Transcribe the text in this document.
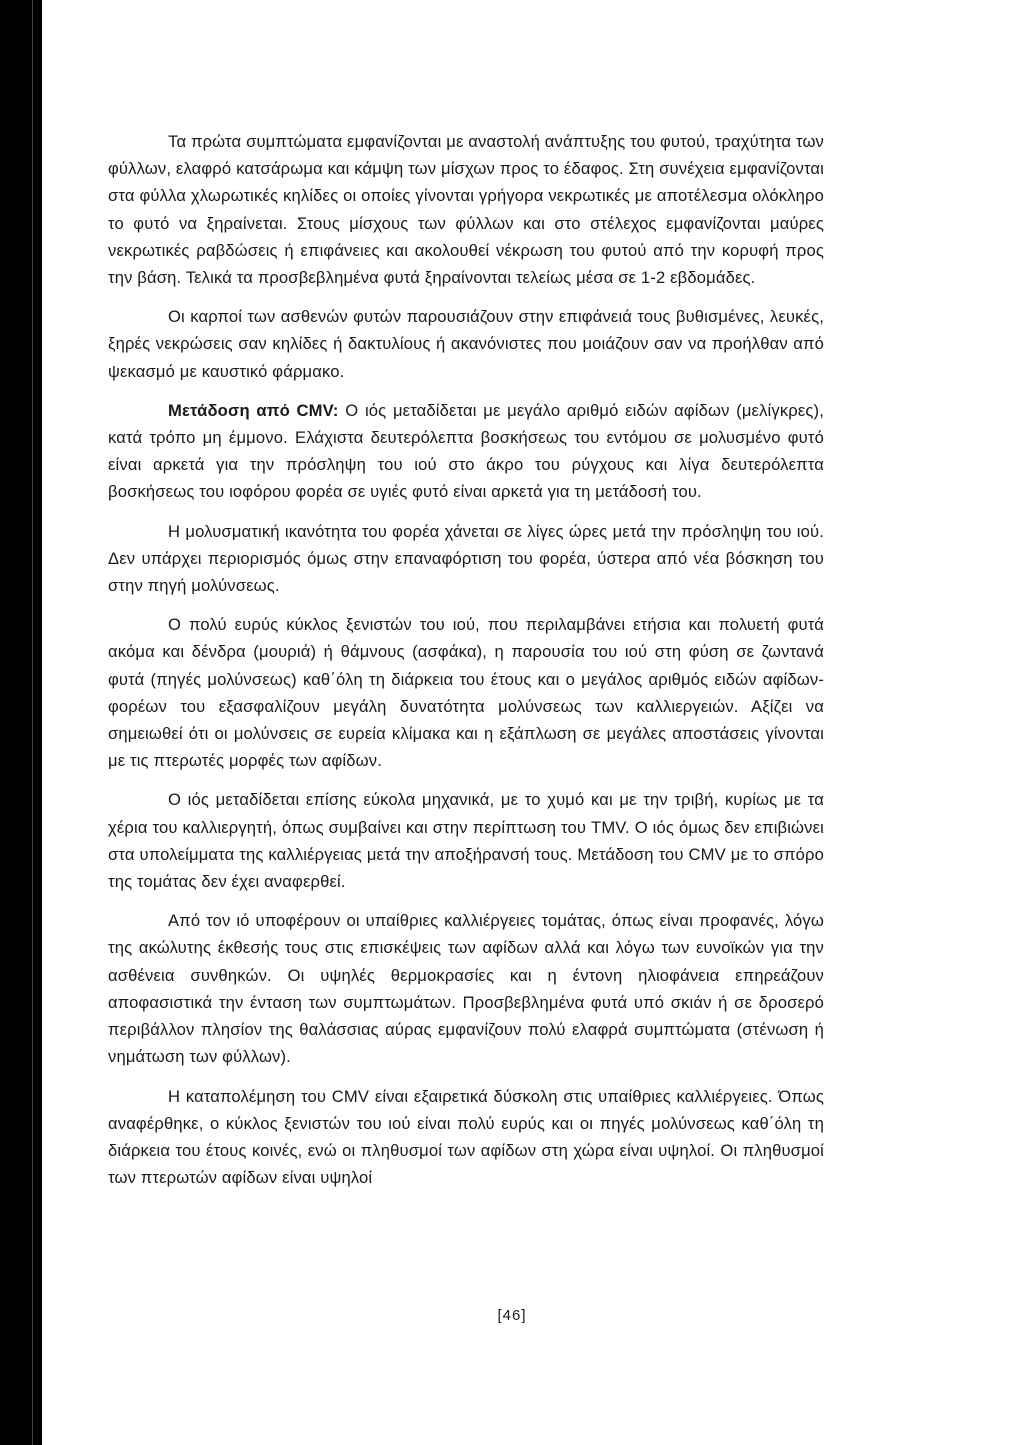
Τα πρώτα συμπτώματα εμφανίζονται με αναστολή ανάπτυξης του φυτού, τραχύτητα των φύλλων, ελαφρό κατσάρωμα και κάμψη των μίσχων προς το έδαφος. Στη συνέχεια εμφανίζονται στα φύλλα χλωρωτικές κηλίδες οι οποίες γίνονται γρήγορα νεκρωτικές με αποτέλεσμα ολόκληρο το φυτό να ξηραίνεται. Στους μίσχους των φύλλων και στο στέλεχος εμφανίζονται μαύρες νεκρωτικές ραβδώσεις ή επιφάνειες και ακολουθεί νέκρωση του φυτού από την κορυφή προς την βάση. Τελικά τα προσβεβλημένα φυτά ξηραίνονται τελείως μέσα σε 1-2 εβδομάδες.

Οι καρποί των ασθενών φυτών παρουσιάζουν στην επιφάνειά τους βυθισμένες, λευκές, ξηρές νεκρώσεις σαν κηλίδες ή δακτυλίους ή ακανόνιστες που μοιάζουν σαν να προήλθαν από ψεκασμό με καυστικό φάρμακο.

Μετάδοση από CMV: Ο ιός μεταδίδεται με μεγάλο αριθμό ειδών αφίδων (μελίγκρες), κατά τρόπο μη έμμονο. Ελάχιστα δευτερόλεπτα βοσκήσεως του εντόμου σε μολυσμένο φυτό είναι αρκετά για την πρόσληψη του ιού στο άκρο του ρύγχους και λίγα δευτερόλεπτα βοσκήσεως του ιοφόρου φορέα σε υγιές φυτό είναι αρκετά για τη μετάδοσή του.

Η μολυσματική ικανότητα του φορέα χάνεται σε λίγες ώρες μετά την πρόσληψη του ιού. Δεν υπάρχει περιορισμός όμως στην επαναφόρτιση του φορέα, ύστερα από νέα βόσκηση του στην πηγή μολύνσεως.

Ο πολύ ευρύς κύκλος ξενιστών του ιού, που περιλαμβάνει ετήσια και πολυετή φυτά ακόμα και δένδρα (μουριά) ή θάμνους (ασφάκα), η παρουσία του ιού στη φύση σε ζωντανά φυτά (πηγές μολύνσεως) καθ΄όλη τη διάρκεια του έτους και ο μεγάλος αριθμός ειδών αφίδων-φορέων του εξασφαλίζουν μεγάλη δυνατότητα μολύνσεως των καλλιεργειών. Αξίζει να σημειωθεί ότι οι μολύνσεις σε ευρεία κλίμακα και η εξάπλωση σε μεγάλες αποστάσεις γίνονται με τις πτερωτές μορφές των αφίδων.

Ο ιός μεταδίδεται επίσης εύκολα μηχανικά, με το χυμό και με την τριβή, κυρίως με τα χέρια του καλλιεργητή, όπως συμβαίνει και στην περίπτωση του TMV. Ο ιός όμως δεν επιβιώνει στα υπολείμματα της καλλιέργειας μετά την αποξήρανσή τους. Μετάδοση του CMV με το σπόρο της τομάτας δεν έχει αναφερθεί.

Από τον ιό υποφέρουν οι υπαίθριες καλλιέργειες τομάτας, όπως είναι προφανές, λόγω της ακώλυτης έκθεσής τους στις επισκέψεις των αφίδων αλλά και λόγω των ευνοϊκών για την ασθένεια συνθηκών. Οι υψηλές θερμοκρασίες και η έντονη ηλιοφάνεια επηρεάζουν αποφασιστικά την ένταση των συμπτωμάτων. Προσβεβλημένα φυτά υπό σκιάν ή σε δροσερό περιβάλλον πλησίον της θαλάσσιας αύρας εμφανίζουν πολύ ελαφρά συμπτώματα (στένωση ή νημάτωση των φύλλων).

Η καταπολέμηση του CMV είναι εξαιρετικά δύσκολη στις υπαίθριες καλλιέργειες. Όπως αναφέρθηκε, ο κύκλος ξενιστών του ιού είναι πολύ ευρύς και οι πηγές μολύνσεως καθ΄όλη τη διάρκεια του έτους κοινές, ενώ οι πληθυσμοί των αφίδων στη χώρα είναι υψηλοί. Οι πληθυσμοί των πτερωτών αφίδων είναι υψηλοί

[46]
